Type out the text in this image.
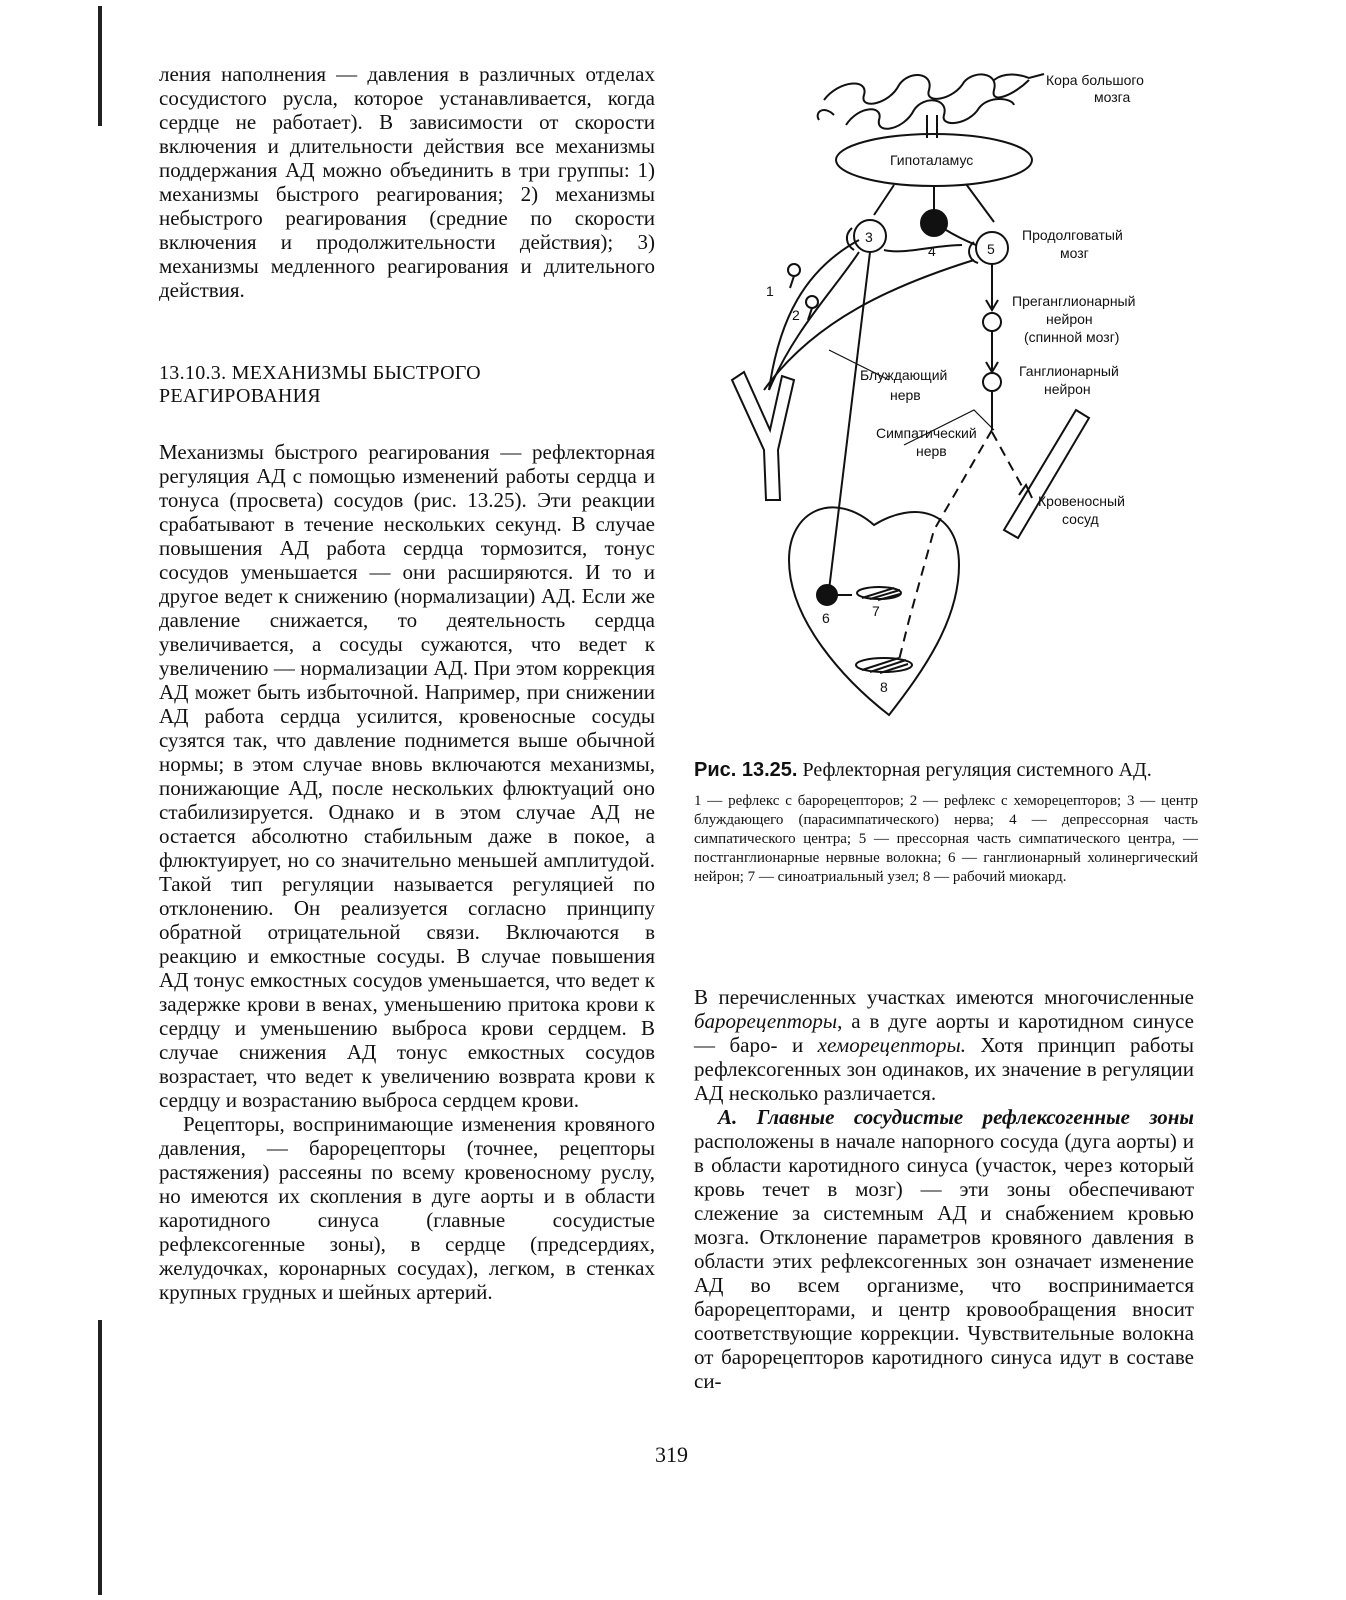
ления наполнения — давления в различных отделах сосудистого русла, которое устанавливается, когда сердце не работает). В зависимости от скорости включения и длительности действия все механизмы поддержания АД можно объединить в три группы: 1) механизмы быстрого реагирования; 2) механизмы небыстрого реагирования (средние по скорости включения и продолжительности действия); 3) механизмы медленного реагирования и длительного действия.

13.10.3. МЕХАНИЗМЫ БЫСТРОГО
РЕАГИРОВАНИЯ

Механизмы быстрого реагирования — рефлекторная регуляция АД с помощью изменений работы сердца и тонуса (просвета) сосудов (рис. 13.25). Эти реакции срабатывают в течение нескольких секунд. В случае повышения АД работа сердца тормозится, тонус сосудов уменьшается — они расширяются. И то и другое ведет к снижению (нормализации) АД. Если же давление снижается, то деятельность сердца увеличивается, а сосуды сужаются, что ведет к увеличению — нормализации АД. При этом коррекция АД может быть избыточной. Например, при снижении АД работа сердца усилится, кровеносные сосуды сузятся так, что давление поднимется выше обычной нормы; в этом случае вновь включаются механизмы, понижающие АД, после нескольких флюктуаций оно стабилизируется. Однако и в этом случае АД не остается абсолютно стабильным даже в покое, а флюктуирует, но со значительно меньшей амплитудой. Такой тип регуляции называется регуляцией по отклонению. Он реализуется согласно принципу обратной отрицательной связи. Включаются в реакцию и емкостные сосуды. В случае повышения АД тонус емкостных сосудов уменьшается, что ведет к задержке крови в венах, уменьшению притока крови к сердцу и уменьшению выброса крови сердцем. В случае снижения АД тонус емкостных сосудов возрастает, что ведет к увеличению возврата крови к сердцу и возрастанию выброса сердцем крови.

Рецепторы, воспринимающие изменения кровяного давления, — барорецепторы (точнее, рецепторы растяжения) рассеяны по всему кровеносному руслу, но имеются их скопления в дуге аорты и в области каротидного синуса (главные сосудистые рефлексогенные зоны), в сердце (предсердиях, желудочках, коронарных сосудах), легком, в стенках крупных грудных и шейных артерий.

Кора большого
мозга
Гипоталамус
Продолговатый
мозг
Преганглионарный
нейрон
(спинной мозг)
Ганглионарный
нейрон
Блуждающий
нерв
Симпатический
нерв
Кровеносный
сосуд
1
2
3
4	5
6	7
8

Рис. 13.25. Рефлекторная регуляция системного АД.

1 — рефлекс с барорецепторов; 2 — рефлекс с хеморецепторов; 3 — центр блуждающего (парасимпатического) нерва; 4 — депрессорная часть симпатического центра; 5 — прессорная часть симпатического центра, — постганглионарные нервные волокна; 6 — ганглионарный холинергический нейрон; 7 — синоатриальный узел; 8 — рабочий миокард.

В перечисленных участках имеются многочисленные барорецепторы, а в дуге аорты и каротидном синусе — баро- и хеморецепторы. Хотя принцип работы рефлексогенных зон одинаков, их значение в регуляции АД несколько различается.

А. Главные сосудистые рефлексогенные зоны расположены в начале напорного сосуда (дуга аорты) и в области каротидного синуса (участок, через который кровь течет в мозг) — эти зоны обеспечивают слежение за системным АД и снабжением кровью мозга. Отклонение параметров кровяного давления в области этих рефлексогенных зон означает изменение АД во всем организме, что воспринимается барорецепторами, и центр кровообращения вносит соответствующие коррекции. Чувствительные волокна от барорецепторов каротидного синуса идут в составе си-

319
